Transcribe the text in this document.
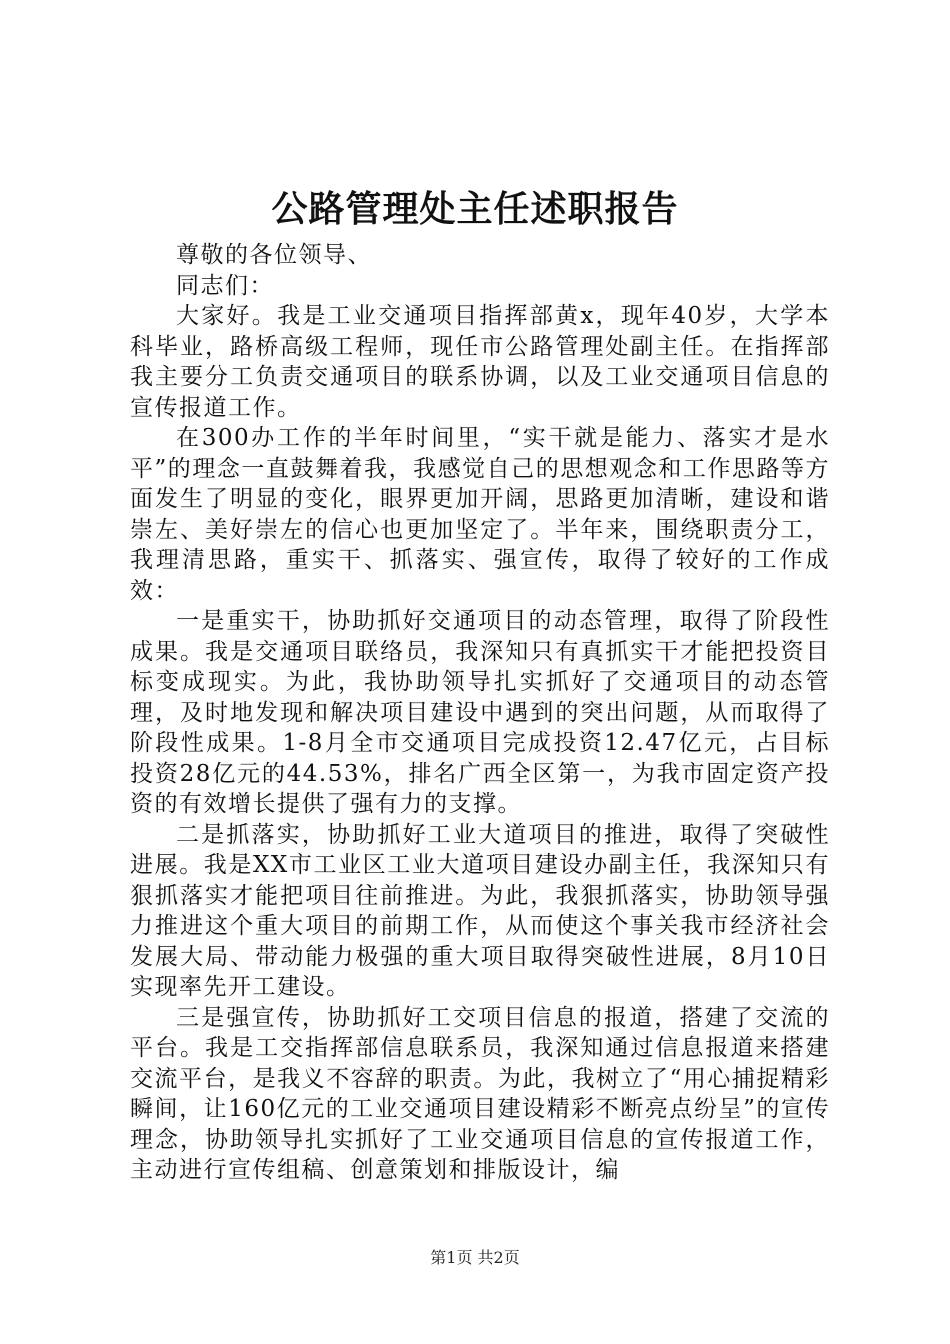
公路管理处主任述职报告

尊敬的各位领导、

同志们：

大家好。我是工业交通项目指挥部黄x，现年40岁，大学本科毕业，路桥高级工程师，现任市公路管理处副主任。在指挥部我主要分工负责交通项目的联系协调，以及工业交通项目信息的宣传报道工作。

在300办工作的半年时间里，“实干就是能力、落实才是水平”的理念一直鼓舞着我，我感觉自己的思想观念和工作思路等方面发生了明显的变化，眼界更加开阔，思路更加清晰，建设和谐崇左、美好崇左的信心也更加坚定了。半年来，围绕职责分工，我理清思路，重实干、抓落实、强宣传，取得了较好的工作成效：

一是重实干，协助抓好交通项目的动态管理，取得了阶段性成果。我是交通项目联络员，我深知只有真抓实干才能把投资目标变成现实。为此，我协助领导扎实抓好了交通项目的动态管理，及时地发现和解决项目建设中遇到的突出问题，从而取得了阶段性成果。1-8月全市交通项目完成投资12.47亿元，占目标投资28亿元的44.53%，排名广西全区第一，为我市固定资产投资的有效增长提供了强有力的支撑。

二是抓落实，协助抓好工业大道项目的推进，取得了突破性进展。我是XX市工业区工业大道项目建设办副主任，我深知只有狠抓落实才能把项目往前推进。为此，我狠抓落实，协助领导强力推进这个重大项目的前期工作，从而使这个事关我市经济社会发展大局、带动能力极强的重大项目取得突破性进展，8月10日实现率先开工建设。

三是强宣传，协助抓好工交项目信息的报道，搭建了交流的平台。我是工交指挥部信息联系员，我深知通过信息报道来搭建交流平台，是我义不容辞的职责。为此，我树立了“用心捕捉精彩瞬间，让160亿元的工业交通项目建设精彩不断亮点纷呈”的宣传理念，协助领导扎实抓好了工业交通项目信息的宣传报道工作，主动进行宣传组稿、创意策划和排版设计，编

第1页 共2页
